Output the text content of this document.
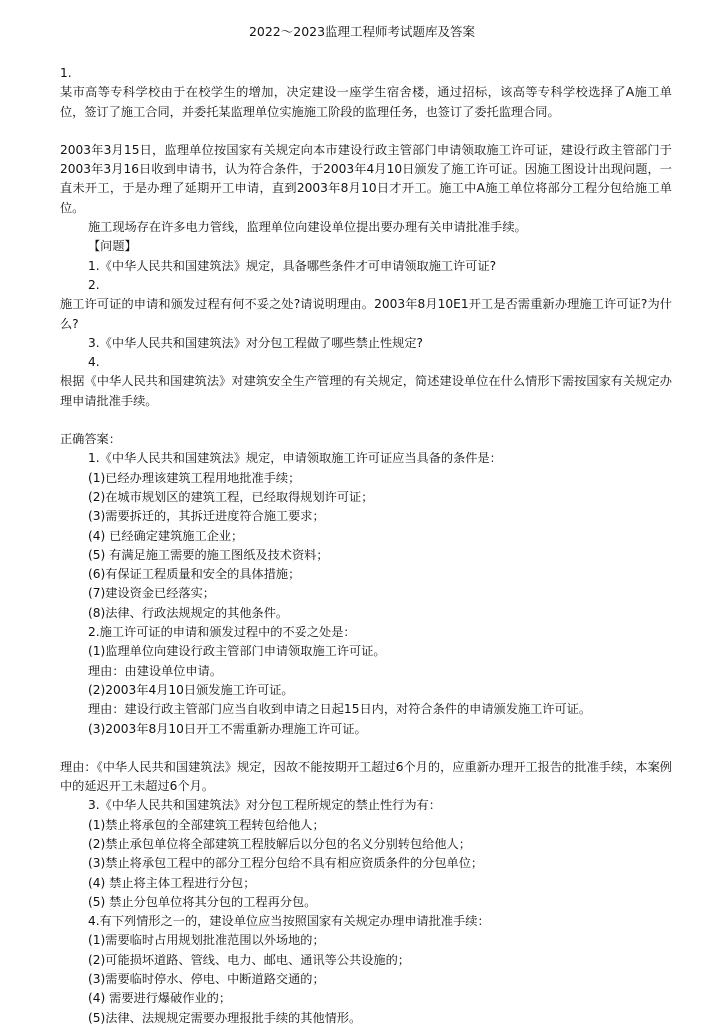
2022～2023监理工程师考试题库及答案

1.

某市高等专科学校由于在校学生的增加，决定建设一座学生宿舍楼，通过招标，该高等专科学校选择了A施工单位，签订了施工合同，并委托某监理单位实施施工阶段的监理任务，也签订了委托监理合同。

2003年3月15日，监理单位按国家有关规定向本市建设行政主管部门申请领取施工许可证，建设行政主管部门于2003年3月16日收到申请书，认为符合条件，于2003年4月10日颁发了施工许可证。因施工图设计出现问题，一直未开工，于是办理了延期开工申请，直到2003年8月10日才开工。施工中A施工单位将部分工程分包给施工单位。

施工现场存在许多电力管线，监理单位向建设单位提出要办理有关申请批准手续。

【问题】

1.《中华人民共和国建筑法》规定，具备哪些条件才可申请领取施工许可证?

2.

施工许可证的申请和颁发过程有何不妥之处?请说明理由。2003年8月10E1开工是否需重新办理施工许可证?为什么?

3.《中华人民共和国建筑法》对分包工程做了哪些禁止性规定?

4.

根据《中华人民共和国建筑法》对建筑安全生产管理的有关规定，简述建设单位在什么情形下需按国家有关规定办理申请批准手续。

正确答案：

1.《中华人民共和国建筑法》规定，申请领取施工许可证应当具备的条件是：

(1)已经办理该建筑工程用地批准手续；

(2)在城市规划区的建筑工程，已经取得规划许可证；

(3)需要拆迁的，其拆迁进度符合施工要求；

(4) 已经确定建筑施工企业；

(5) 有满足施工需要的施工图纸及技术资料；

(6)有保证工程质量和安全的具体措施；

(7)建设资金已经落实；

(8)法律、行政法规规定的其他条件。

2.施工许可证的申请和颁发过程中的不妥之处是：

(1)监理单位向建设行政主管部门申请领取施工许可证。

理由：由建设单位申请。

(2)2003年4月10日颁发施工许可证。

理由：建设行政主管部门应当自收到申请之日起15日内，对符合条件的申请颁发施工许可证。

(3)2003年8月10日开工不需重新办理施工许可证。

理由：《中华人民共和国建筑法》规定，因故不能按期开工超过6个月的，应重新办理开工报告的批准手续，本案例中的延迟开工未超过6个月。

3.《中华人民共和国建筑法》对分包工程所规定的禁止性行为有：

(1)禁止将承包的全部建筑工程转包给他人；

(2)禁止承包单位将全部建筑工程肢解后以分包的名义分别转包给他人；

(3)禁止将承包工程中的部分工程分包给不具有相应资质条件的分包单位；

(4) 禁止将主体工程进行分包；

(5) 禁止分包单位将其分包的工程再分包。

4.有下列情形之一的，建设单位应当按照国家有关规定办理申请批准手续：

(1)需要临时占用规划批准范围以外场地的；

(2)可能损坏道路、管线、电力、邮电、通讯等公共设施的；

(3)需要临时停水、停电、中断道路交通的；

(4) 需要进行爆破作业的；

(5)法律、法规规定需要办理报批手续的其他情形。
